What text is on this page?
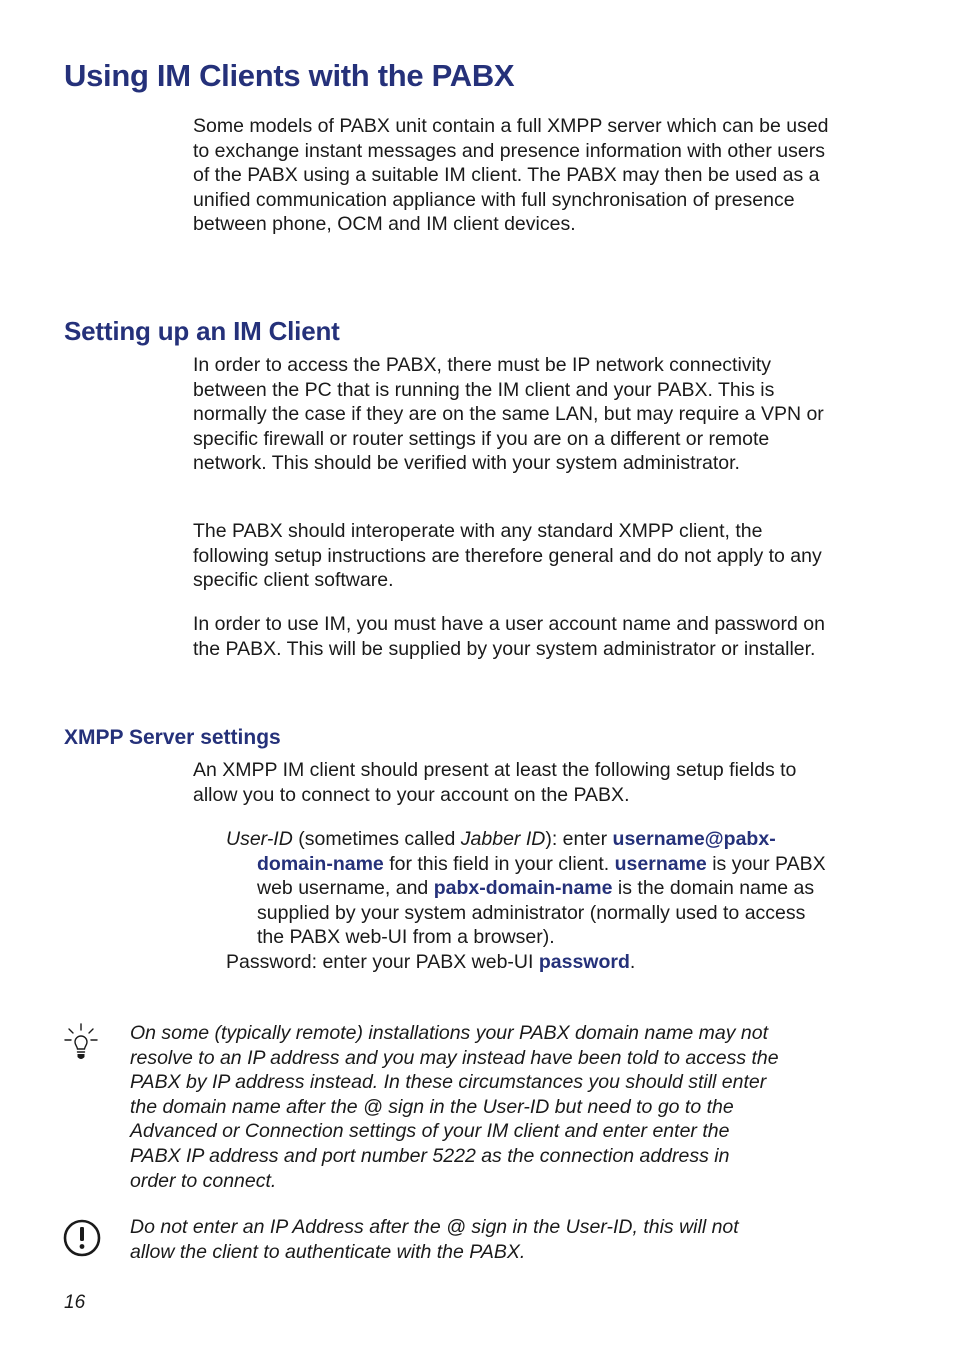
Using IM Clients with the PABX

Some models of PABX unit contain a full XMPP server which can be used to exchange instant messages and presence information with other users of the PABX using a suitable IM client. The PABX may then be used as a unified communication appliance with full synchronisation of presence between phone, OCM and IM client devices.

Setting up an IM Client

In order to access the PABX, there must be IP network connectivity between the PC that is running the IM client and your PABX. This is normally the case if they are on the same LAN, but may require a VPN or specific firewall or router settings if you are on a different or remote network. This should be verified with your system administrator.

The PABX should interoperate with any standard XMPP client, the following setup instructions are therefore general and do not apply to any specific client software.

In order to use IM, you must have a user account name and password on the PABX. This will be supplied by your system administrator or installer.

XMPP Server settings

An XMPP IM client should present at least the following setup fields to allow you to connect to your account on the PABX.

User-ID (sometimes called Jabber ID): enter username@pabx-domain-name for this field in your client. username is your PABX web username, and pabx-domain-name is the domain name as supplied by your system administrator (normally used to access the PABX web-UI from a browser).

Password: enter your PABX web-UI password.

On some (typically remote) installations your PABX domain name may not resolve to an IP address and you may instead have been told to access the PABX by IP address instead. In these circumstances you should still enter the domain name after the @ sign in the User-ID but need to go to the Advanced or Connection settings of your IM client and enter enter the PABX IP address and port number 5222 as the connection address in order to connect.

Do not enter an IP Address after the @ sign in the User-ID, this will not allow the client to authenticate with the PABX.

16
